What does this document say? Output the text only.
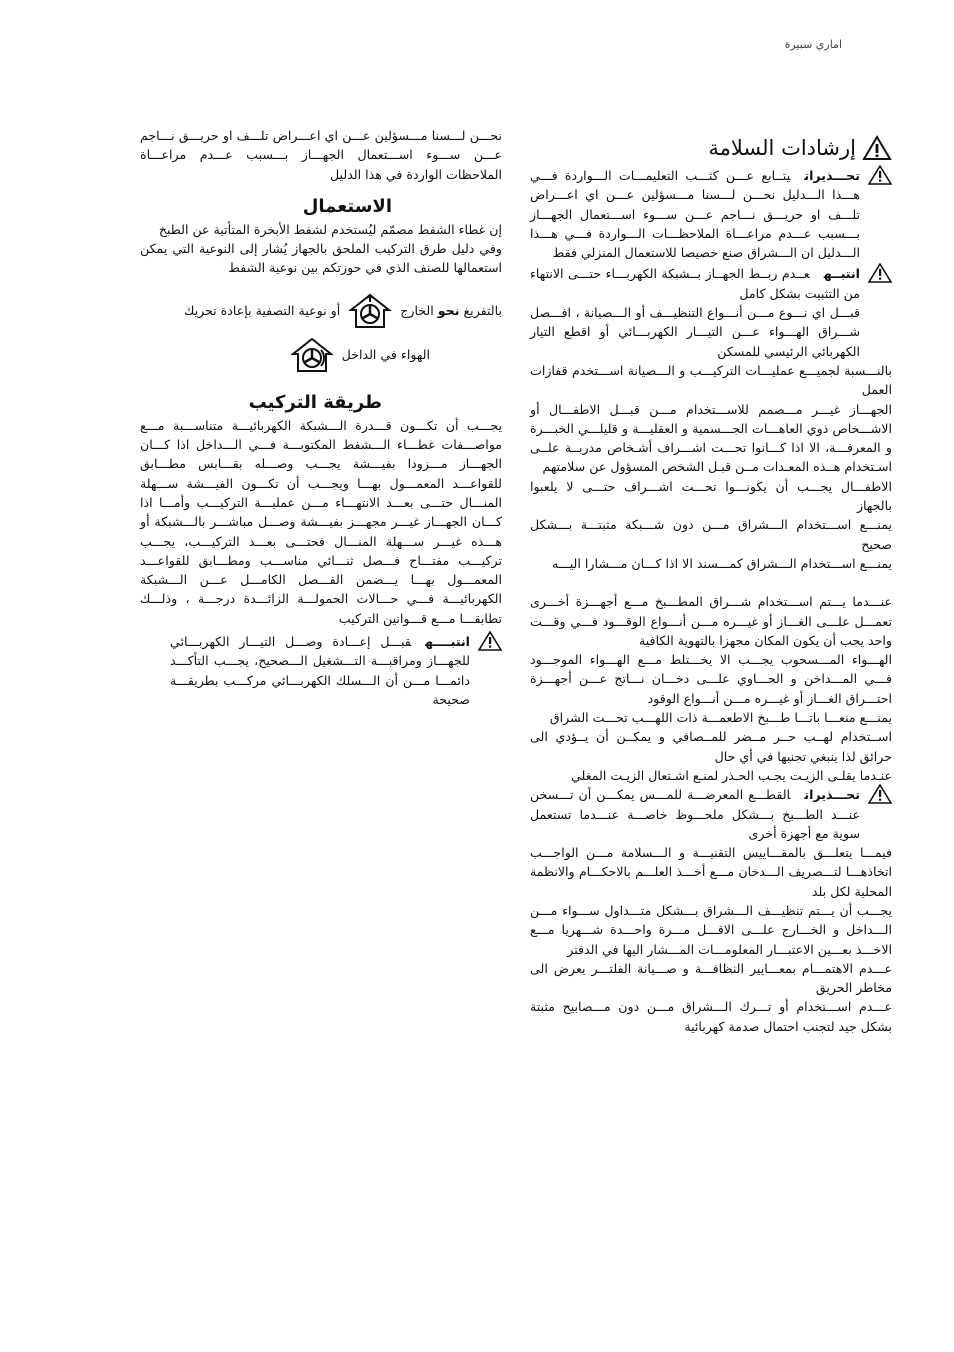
اماري سبيرة
إرشادات السلامة

تحـــذيراتيتــابع عـــن كثـــب التعليمـــات الـــواردة فـــي هـــذا الـــدليل نحـــن لـــسنا مـــسؤلين عـــن اي اعـــراض تلـــف او حريـــق نـــاجم عـــن ســـوء اســـتعمال الجهـــاز بـــسبب عـــدم مراعـــاة الملاحظـــات الـــواردة فـــي هـــذا الـــدليل ان الـــشراق صنع خصيصا للاستعمال المنزلي فقط

انتبــهعــدم ربــط الجهــاز بــشبكة الكهربـــاء حتـــى الانتهاء من التثبيت بشكل كامل

قبـــل اي نـــوع مـــن أنـــواع التنظيـــف أو الـــصيانة ، افـــصل شـــراق الهـــواء عـــن التيـــار الكهربـــائي أو اقطع التيار الكهربائي الرئيسي للمسكن

بالنـــسبة لجميـــع عمليـــات التركيـــب و الـــصيانة اســـتخدم قفازات العمل

الجهـــاز غيـــر مـــصمم للاســـتخدام مـــن قبـــل الاطفـــال أو الاشـــخاص ذوي العاهـــات الجـــسمية و العقليـــة و قليلـــي الخبـــرة و المعرفـــة، الا اذا كـــانوا تحـــت اشـــراف أشـخاص مدربــة علــى اسـتخدام هــذه المعـدات مــن قبـل الشخص المسؤول عن سلامتهم

الاطفـــال يجـــب أن يكونـــوا تحـــت اشـــراف حتـــى لا يلعبوا بالجهاز

يمنـــع اســـتخدام الـــشراق مـــن دون شـــبكة مثبتـــة بـــشكل صحيح

يمنـــع اســـتخدام الـــشراق كمـــسند الا اذا كـــان مـــشارا اليـــه

عنـــدما يـــتم اســـتخدام شـــراق المطـــبخ مـــع أجهـــزة أخـــرى تعمـــل علـــى الغـــاز أو غيـــره مـــن أنـــواع الوقـــود فـــي وقـــت واحد يجب أن يكون المكان مجهزا بالتهوية الكافية

الهـــواء المـــسحوب يجـــب الا يخـــتلط مـــع الهـــواء الموجـــود فـــي المـــداخن و الحـــاوي علـــى دخـــان نـــاتج عـــن أجهـــزة احتـــراق الغـــاز أو غيـــره مـــن أنـــواع الوقود

يمنـــع منعـــا باتـــا طـــبخ الاطعمـــة ذات اللهـــب تحـــت الشراق

اســتخدام لهــب حــر مــضر للمــصافي و يمكــن أن يــؤدي الى حرائق لذا ينبغي تجنبها في أي حال

عنـدما يقلـى الزيـت يجـب الحـذر لمنـع اشـتعال الزيـت المغلي

تحـــذيراتالقطـــع المعرضـــة للمـــس يمكـــن أن تـــسخن عنـــد الطـــبخ بـــشكل ملحـــوظ خاصـــة عنـــدما تستعمل سوية مع أجهزة أخرى

فيمـــا يتعلـــق بالمقـــاييس التقنيـــة و الـــسلامة مـــن الواجـــب اتخاذهـــا لتـــصريف الـــدخان مـــع أخـــذ العلـــم بالاحكـــام والانظمة المحلية لكل بلد

يجـــب أن يـــتم تنظيـــف الـــشراق بـــشكل متـــداول ســـواء مـــن الـــداخل و الخـــارج علـــى الاقـــل مـــرة واحـــدة شـــهريا مـــع الاخـــذ بعـــين الاعتبـــار المعلومـــات المـــشار اليها في الدفتر

عـــدم الاهتمـــام بمعـــايير النظافـــة و صـــيانة الفلتـــر يعرض الى مخاطر الحريق

عـــدم اســـتخدام أو تـــرك الـــشراق مـــن دون مـــصابيح مثبتة بشكل جيد لتجنب احتمال صدمة كهربائية

نحـــن لـــسنا مـــسؤلين عـــن اي اعـــراض تلـــف او حريـــق نـــاجم عـــن ســـوء اســـتعمال الجهـــاز بـــسبب عـــدم مراعـــاة الملاحظات الواردة في هذا الدليل

الاستعمال

إن غطاء الشفط مصمّم ليُستخدم لشفط الأبخرة المتأتية عن الطبخ

وفي دليل طرق التركيب الملحق بالجهاز يُشار إلى النوعية التي يمكن استعمالها للصنف الذي في حوزتكم بين نوعية الشفط

بالتفريغ نحو الخارج
أو نوعية التصفية بإعادة تحريك
الهواء في الداخل
طريقة التركيب

يجـــب أن تكـــون قـــدرة الـــشبكة الكهربائيـــة متناســـبة مـــع مواصـــفات غطـــاء الـــشفط المكتوبـــة فـــي الـــداخل اذا كـــان الجهـــاز مـــزودا بفيـــشة يجـــب وصـــله بقـــابس مطـــابق للقواعـــد المعمـــول بهـــا ويجـــب أن تكـــون الفيـــشة ســـهلة المنـــال حتـــى بعـــد الانتهـــاء مـــن عمليـــة التركيـــب وأمـــا اذا كـــان الجهـــاز غيـــر مجهـــز بفيـــشة وصـــل مباشـــر بالـــشبكة أو هـــذه غيـــر ســـهلة المنـــال فحتـــى بعـــد التركيـــب، يجـــب تركيـــب مفتـــاح فـــصل ثنـــائي مناســـب ومطـــابق للقواعـــد المعمـــول بهـــا يـــضمن الفـــصل الكامـــل عـــن الـــشبكة الكهربائيـــة فـــي حـــالات الحمولـــة الزائـــدة درجـــة ، وذلـــك تطابقـــا مـــع قـــوانين التركيب

انتبــــهقبـــل إعـــادة وصـــل التيـــار الكهربـــائي للجهـــاز ومراقبـــة التـــشغيل الـــصحيح، يجـــب التأكـــد دائمـــا مـــن أن الـــسلك الكهربـــائي مركـــب بطريقـــة صحيحة
